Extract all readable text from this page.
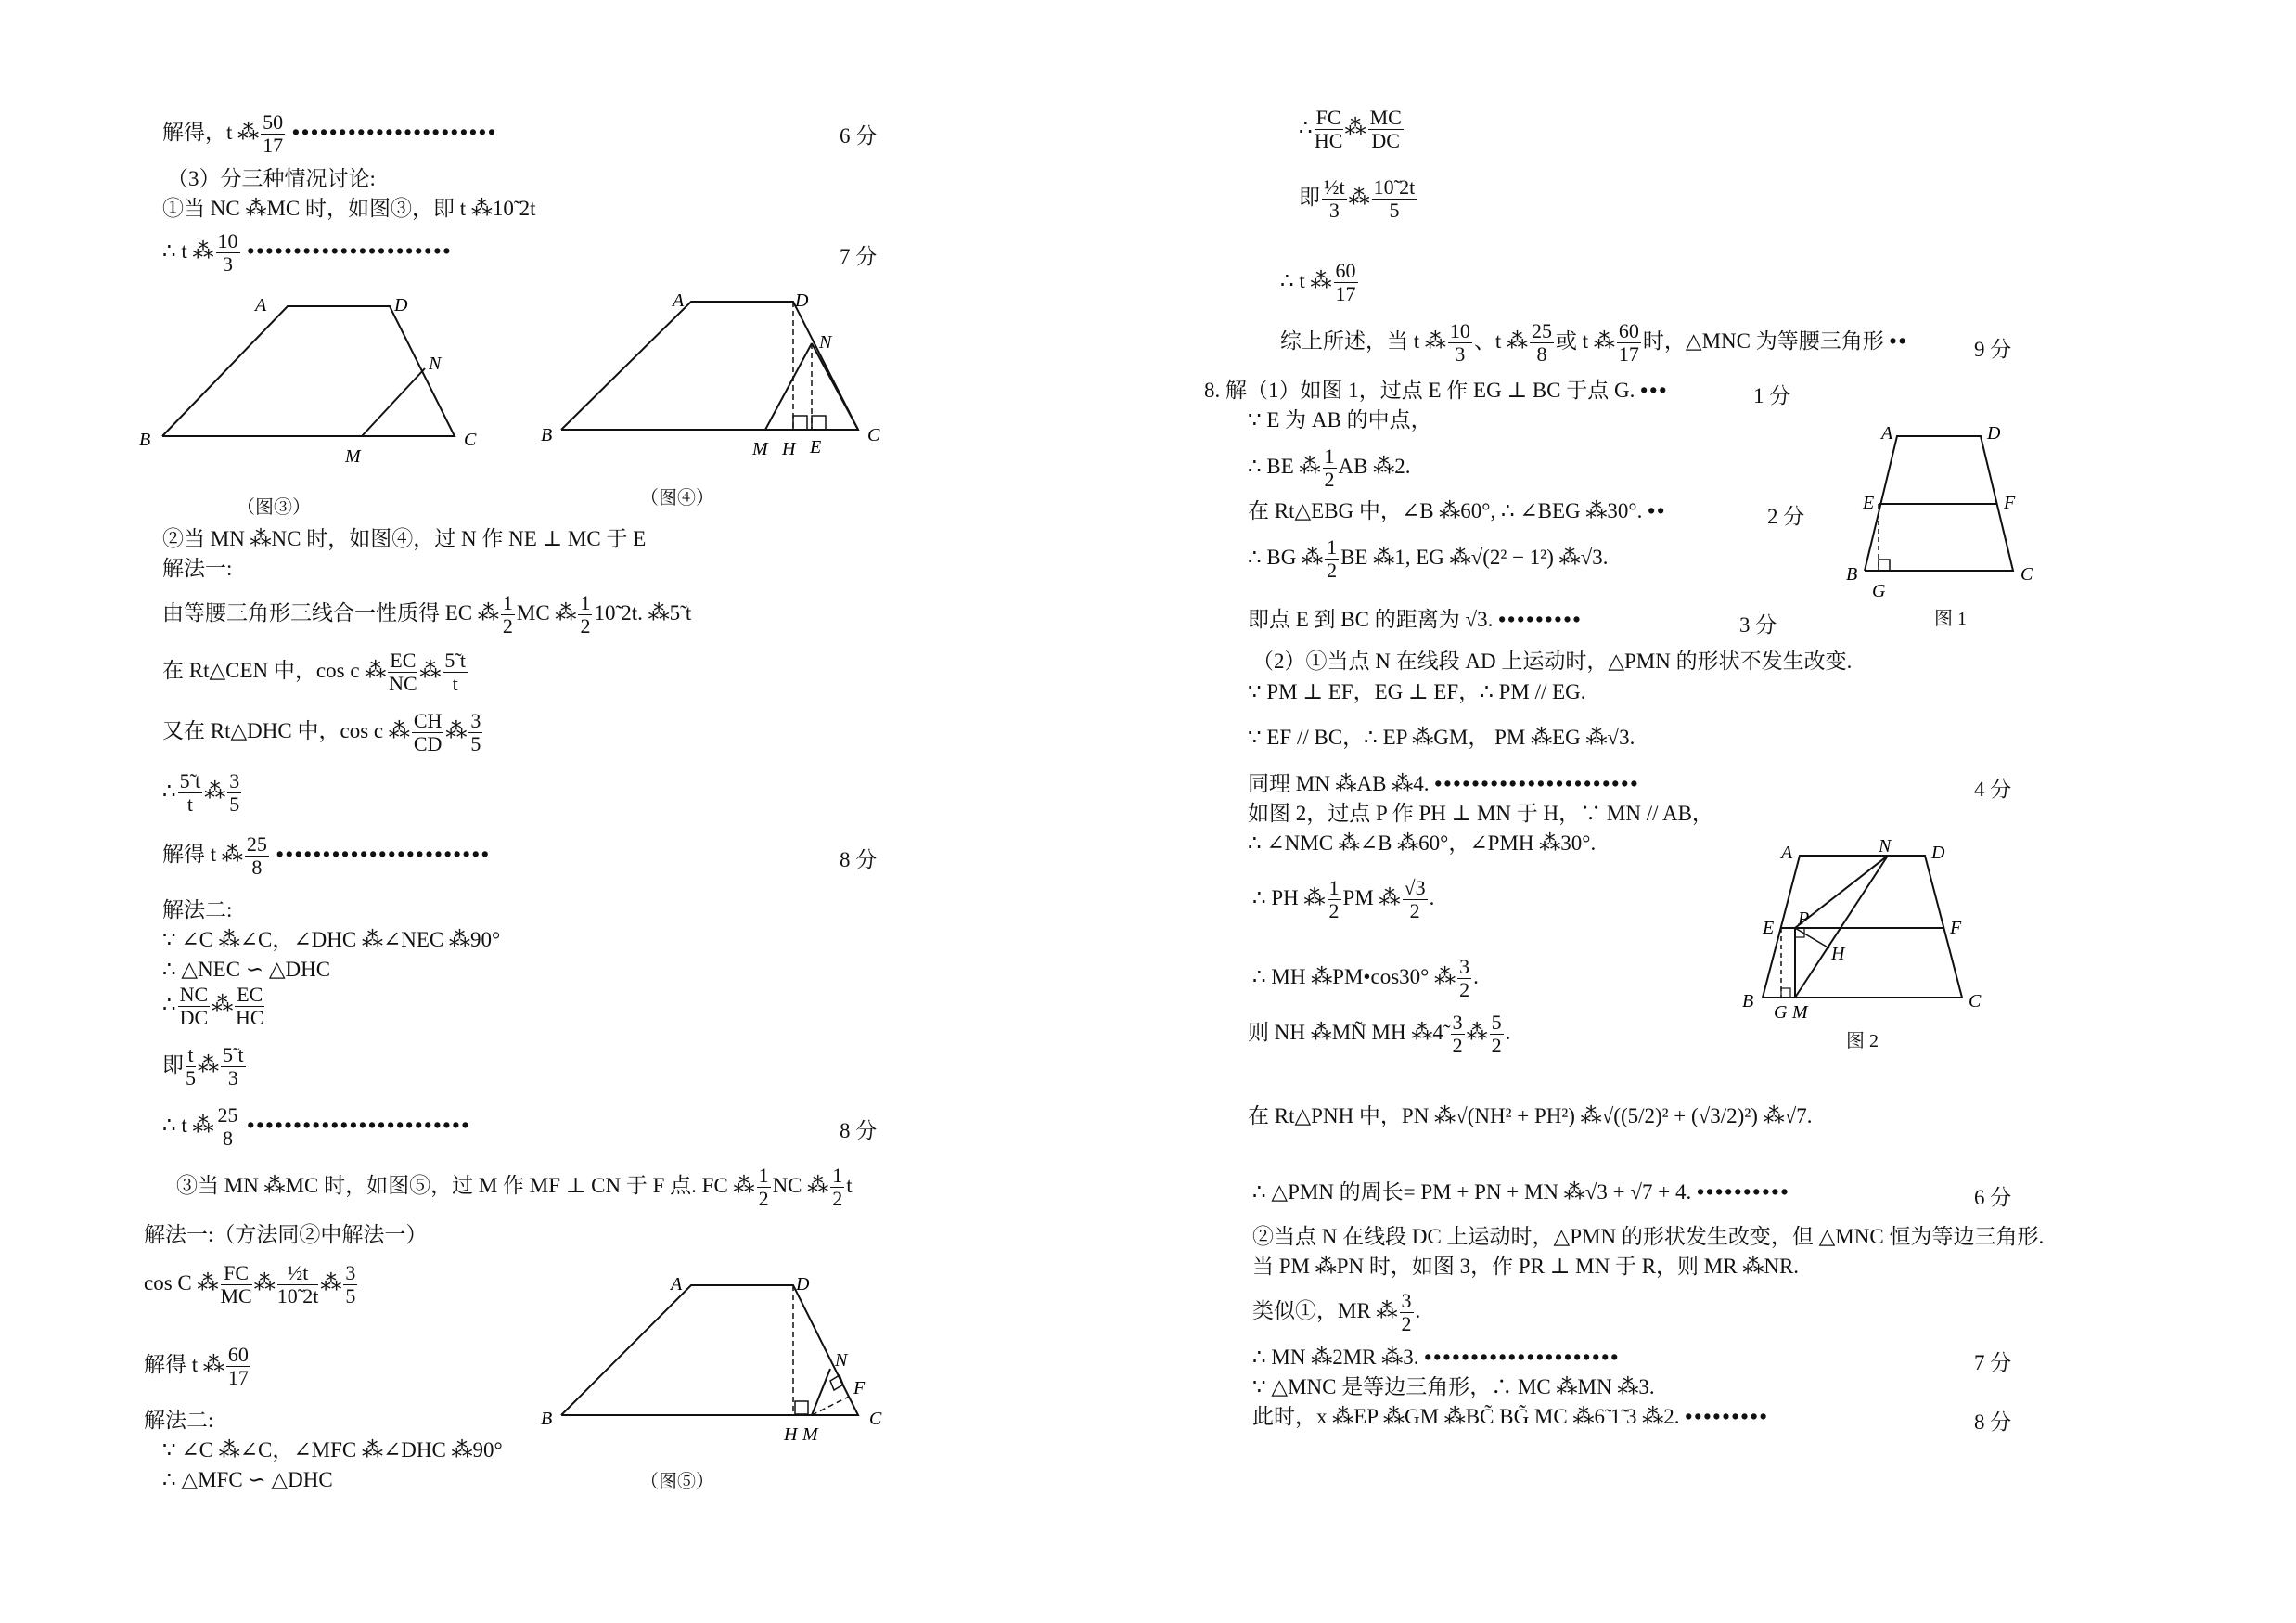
解得，t ⁂ $\frac{50}{17}$ ••••••••••••••••••••••	6 分
（3）分三种情况讨论:
①当 NC ⁂MC 时，如图③，即 t ⁂10̃ 2t
∴ t ⁂ $\frac{10}{3}$ ••••••••••••••••••••••	7 分
A	D
B	C
N
M
（图③）
A	D
B	C
N
M H E
（图④）
②当 MN ⁂NC 时，如图④，过 N 作 NE ⊥ MC 于 E
解法一:
由等腰三角形三线合一性质得 EC ⁂ $\frac{1}{2}$ MC ⁂ $\frac{1}{2}$ 10̃ 2t. ⁂5̃ t
在 Rt△CEN 中，cos c ⁂ $\frac{EC}{NC}$ ⁂ $\frac{5̃ t}{t}$
又在 Rt△DHC 中，cos c ⁂ $\frac{CH}{CD}$ ⁂ $\frac{3}{5}$
∴ $\frac{5̃ t}{t}$ ⁂ $\frac{3}{5}$
解得 t ⁂ $\frac{25}{8}$ •••••••••••••••••••••••	8 分
解法二:
∵ ∠C ⁂∠C，∠DHC ⁂∠NEC ⁂90°
∴ △NEC ∽ △DHC
∴ $\frac{NC}{DC}$ ⁂ $\frac{EC}{HC}$
即 $\frac{t}{5}$ ⁂ $\frac{5̃ t}{3}$
∴ t ⁂ $\frac{25}{8}$ ••••••••••••••••••••••••	8 分
③当 MN ⁂MC 时，如图⑤，过 M 作 MF ⊥ CN 于 F 点. FC ⁂ $\frac{1}{2}$ NC ⁂ $\frac{1}{2}$ t
解法一:（方法同②中解法一）
cos C ⁂ $\frac{FC}{MC}$ ⁂ $\frac{\text{½t}}{10̃ 2t}$ ⁂ $\frac{3}{5}$
解得 t ⁂ $\frac{60}{17}$
解法二:
∵ ∠C ⁂∠C，∠MFC ⁂∠DHC ⁂90°
∴ △MFC ∽ △DHC
A	D
B	C
N
F
H M
（图⑤）
∴ $\frac{FC}{HC}$ ⁂ $\frac{MC}{DC}$
即 $\frac{\text{½t}}{3}$ ⁂ $\frac{10̃ 2t}{5}$
∴ t ⁂ $\frac{60}{17}$
综上所述，当 t ⁂ $\frac{10}{3}$ 、t ⁂ $\frac{25}{8}$ 或 t ⁂ $\frac{60}{17}$ 时，△MNC 为等腰三角形 ••	9 分
8. 解（1）如图 1，过点 E 作 EG ⊥ BC 于点 G. •••	1 分
∵ E 为 AB 的中点，
∴ BE ⁂ $\frac{1}{2}$ AB ⁂2.
在 Rt△EBG 中，∠B ⁂60°, ∴ ∠BEG ⁂30°. ••	2 分
∴ BG ⁂ $\frac{1}{2}$ BE ⁂1, EG ⁂√(2² − 1²) ⁂√3.
即点 E 到 BC 的距离为 √3. •••••••••	3 分
A	D
E	F
B	C
G
图 1
（2）①当点 N 在线段 AD 上运动时，△PMN 的形状不发生改变.
∵ PM ⊥ EF，EG ⊥ EF，∴ PM // EG.
∵ EF // BC，∴ EP ⁂GM， PM ⁂EG ⁂√3.
同理 MN ⁂AB ⁂4. ••••••••••••••••••••••	4 分
如图 2，过点 P 作 PH ⊥ MN 于 H，∵ MN // AB，
∴ ∠NMC ⁂∠B ⁂60°，∠PMH ⁂30°.
∴ PH ⁂ $\frac{1}{2}$ PM ⁂ $\frac{√3}{2}$ .
∴ MH ⁂PM•cos30° ⁂ $\frac{3}{2}$ .
则 NH ⁂MÑ MH ⁂4̃ $\frac{3}{2}$ ⁂ $\frac{5}{2}$ .
A	N D
E P	F
H
B	C
G M
图 2
在 Rt△PNH 中，PN ⁂√(NH² + PH²) ⁂√((5/2)² + (√3/2)²) ⁂√7.
∴ △PMN 的周长= PM + PN + MN ⁂√3 + √7 + 4. ••••••••••	6 分
②当点 N 在线段 DC 上运动时，△PMN 的形状发生改变，但 △MNC 恒为等边三角形.
当 PM ⁂PN 时，如图 3，作 PR ⊥ MN 于 R，则 MR ⁂NR.
类似①，MR ⁂ $\frac{3}{2}$ .
∴ MN ⁂2MR ⁂3. •••••••••••••••••••••	7 分
∵ △MNC 是等边三角形，∴ MC ⁂MN ⁂3.
此时，x ⁂EP ⁂GM ⁂BC̃ BG̃ MC ⁂6̃ 1̃ 3 ⁂2. •••••••••	8 分
